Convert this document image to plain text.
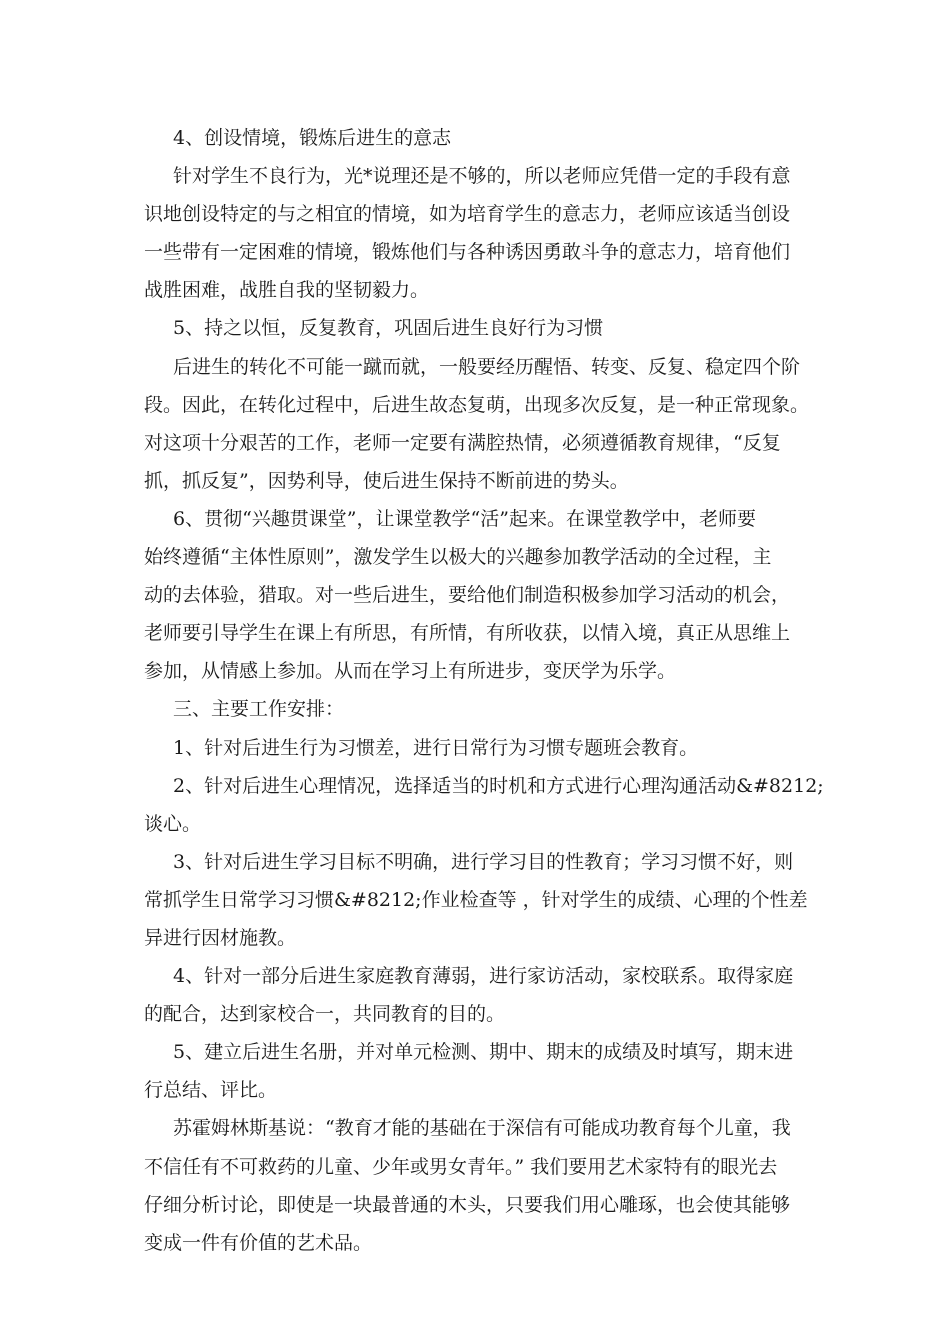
4、创设情境，锻炼后进生的意志
针对学生不良行为，光*说理还是不够的，所以老师应凭借一定的手段有意
识地创设特定的与之相宜的情境，如为培育学生的意志力，老师应该适当创设
一些带有一定困难的情境，锻炼他们与各种诱因勇敢斗争的意志力，培育他们
战胜困难，战胜自我的坚韧毅力。
5、持之以恒，反复教育，巩固后进生良好行为习惯
后进生的转化不可能一蹴而就，一般要经历醒悟、转变、反复、稳定四个阶
段。因此，在转化过程中，后进生故态复萌，出现多次反复，是一种正常现象。
对这项十分艰苦的工作，老师一定要有满腔热情，必须遵循教育规律，“反复
抓，抓反复”，因势利导，使后进生保持不断前进的势头。
6、贯彻“兴趣贯课堂”，让课堂教学“活”起来。在课堂教学中，老师要
始终遵循“主体性原则”，激发学生以极大的兴趣参加教学活动的全过程，主
动的去体验，猎取。对一些后进生，要给他们制造积极参加学习活动的机会，
老师要引导学生在课上有所思，有所情，有所收获，以情入境，真正从思维上
参加，从情感上参加。从而在学习上有所进步，变厌学为乐学。
三、主要工作安排：
1、针对后进生行为习惯差，进行日常行为习惯专题班会教育。
2、针对后进生心理情况，选择适当的时机和方式进行心理沟通活动&#8212;
谈心。
3、针对后进生学习目标不明确，进行学习目的性教育；学习习惯不好，则
常抓学生日常学习习惯&#8212;作业检查等 ，针对学生的成绩、心理的个性差
异进行因材施教。
4、针对一部分后进生家庭教育薄弱，进行家访活动，家校联系。取得家庭
的配合，达到家校合一，共同教育的目的。
5、建立后进生名册，并对单元检测、期中、期末的成绩及时填写，期末进
行总结、评比。
苏霍姆林斯基说：“教育才能的基础在于深信有可能成功教育每个儿童，我
不信任有不可救药的儿童、少年或男女青年。” 我们要用艺术家特有的眼光去
仔细分析讨论，即使是一块最普通的木头，只要我们用心雕琢，也会使其能够
变成一件有价值的艺术品。
